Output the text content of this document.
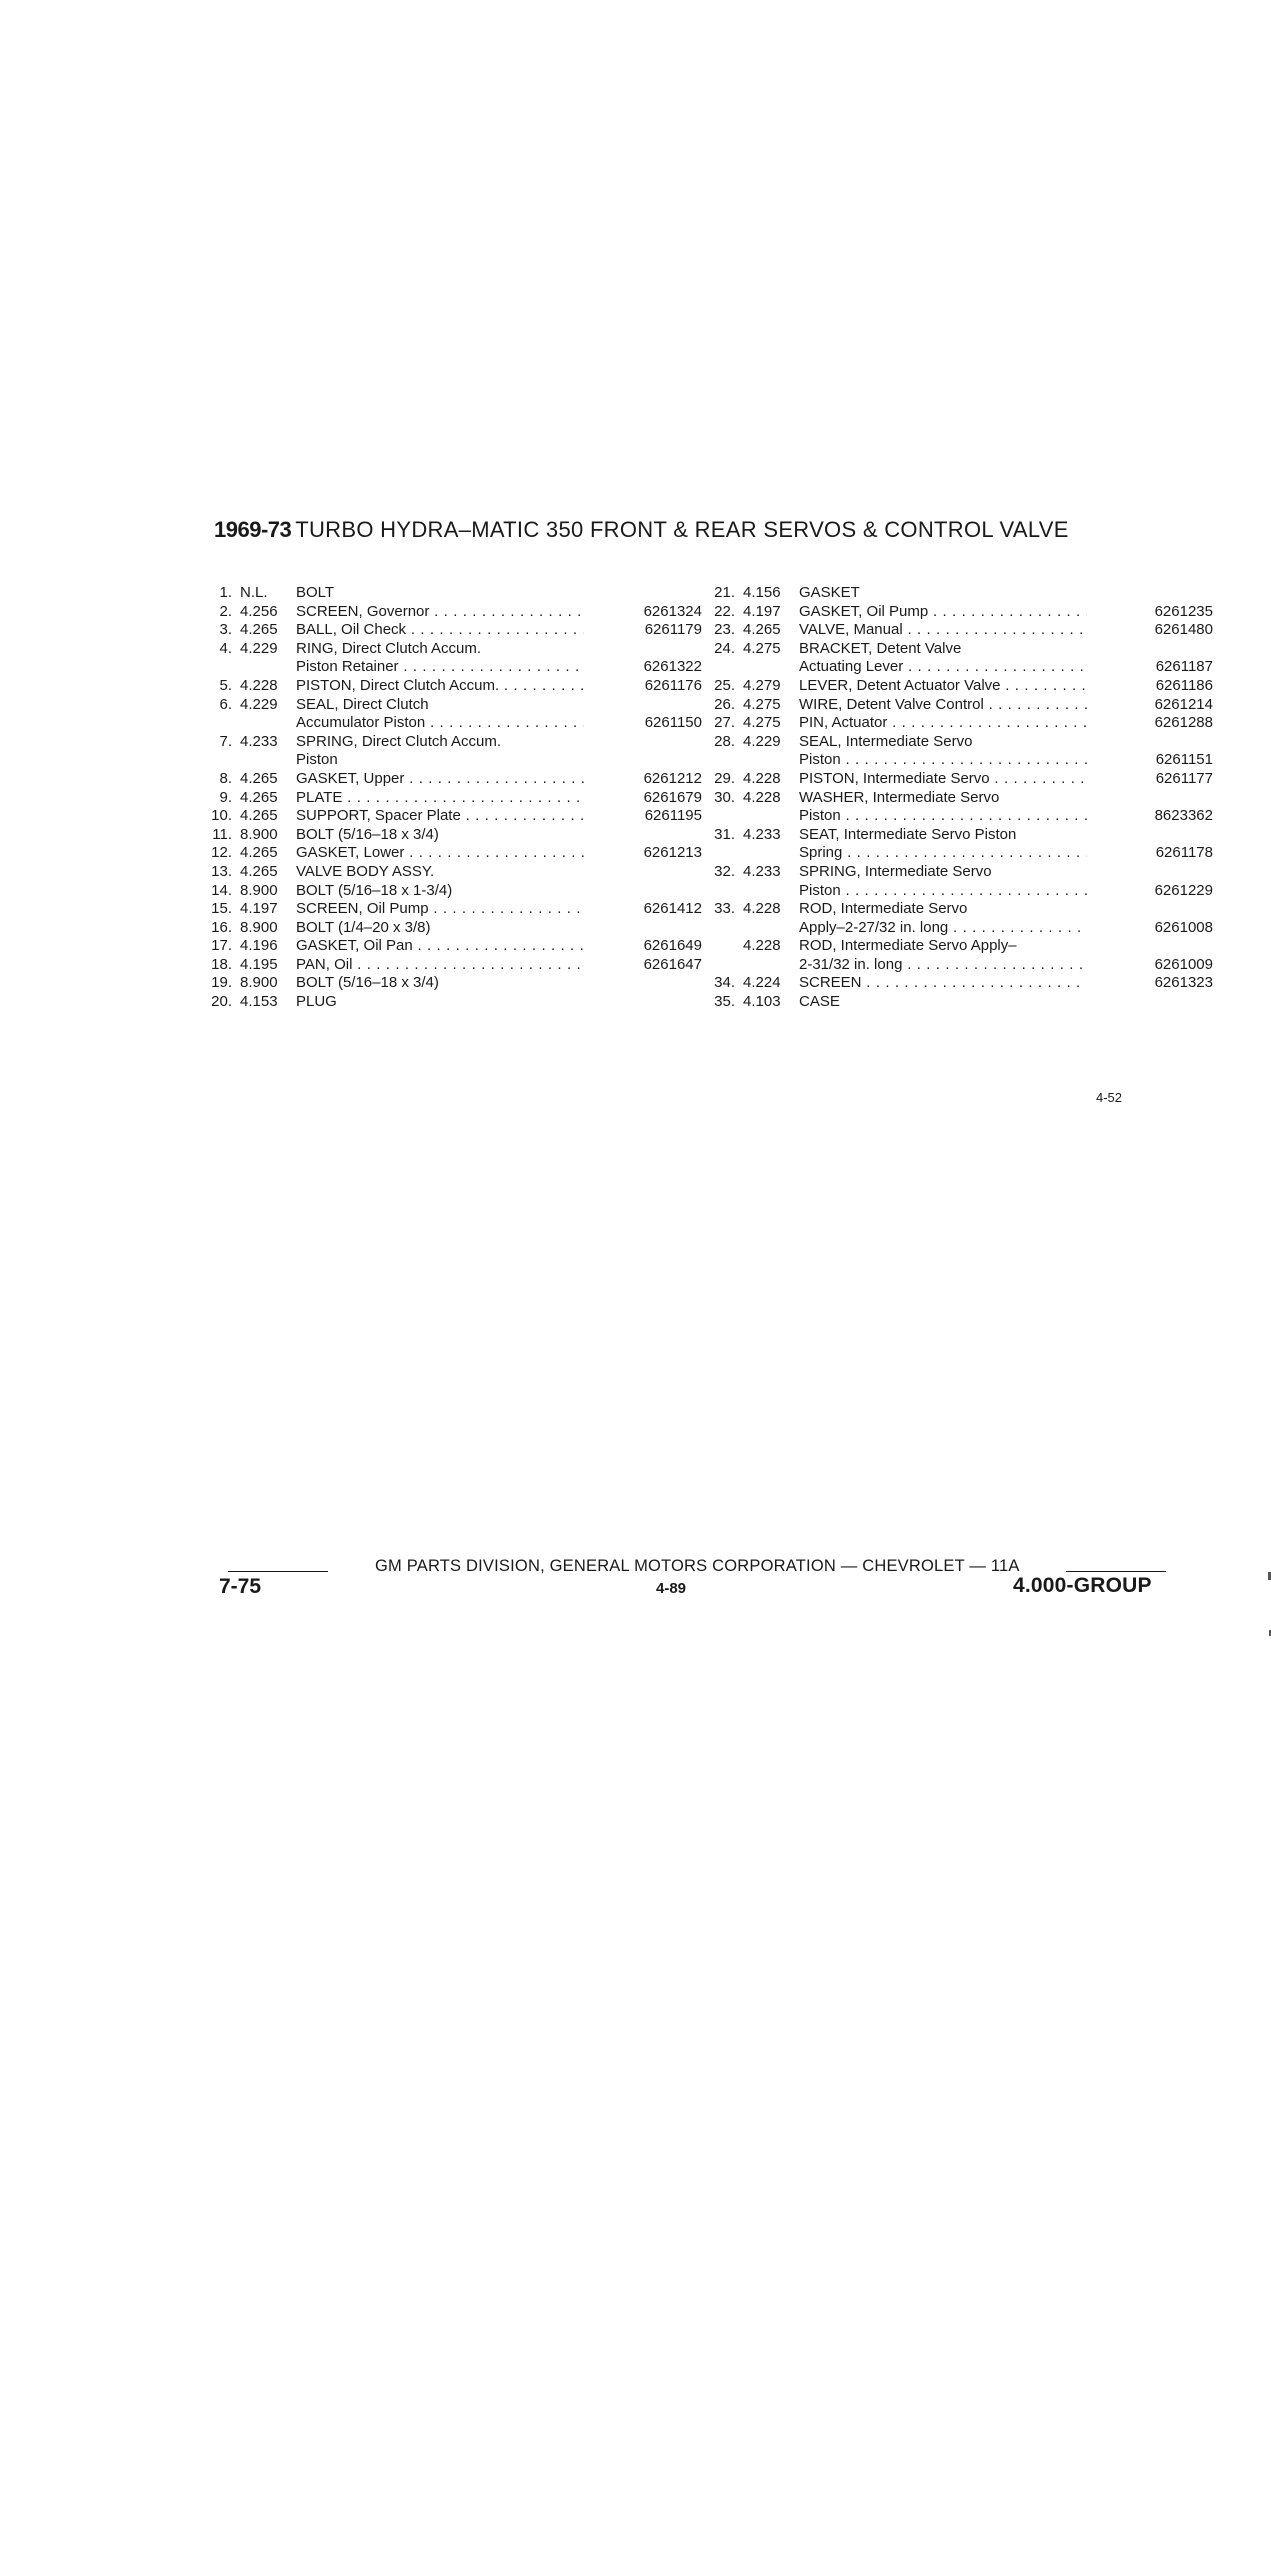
1969-73 TURBO HYDRA–MATIC 350 FRONT & REAR SERVOS & CONTROL VALVE
1. N.L.	BOLT
2. 4.256	SCREEN, Governor . . .	6261324
3. 4.265	BALL, Oil Check . . .	6261179
4. 4.229	RING, Direct Clutch Accum.
Piston Retainer . . .	6261322
5. 4.228	PISTON, Direct Clutch Accum. . . .	6261176
6. 4.229	SEAL, Direct Clutch
Accumulator Piston . . .	6261150
7. 4.233	SPRING, Direct Clutch Accum.
Piston
8. 4.265	GASKET, Upper . . .	6261212
9. 4.265	PLATE . . .	6261679
10. 4.265	SUPPORT, Spacer Plate . . .	6261195
11. 8.900	BOLT (5/16–18 x 3/4)
12. 4.265	GASKET, Lower . . .	6261213
13. 4.265	VALVE BODY ASSY.
14. 8.900	BOLT (5/16–18 x 1-3/4)
15. 4.197	SCREEN, Oil Pump . . .	6261412
16. 8.900	BOLT (1/4–20 x 3/8)
17. 4.196	GASKET, Oil Pan . . .	6261649
18. 4.195	PAN, Oil . . .	6261647
19. 8.900	BOLT (5/16–18 x 3/4)
20. 4.153	PLUG
21. 4.156	GASKET
22. 4.197	GASKET, Oil Pump . . .	6261235
23. 4.265	VALVE, Manual . . .	6261480
24. 4.275	BRACKET, Detent Valve
Actuating Lever . . .	6261187
25. 4.279	LEVER, Detent Actuator Valve . . .	6261186
26. 4.275	WIRE, Detent Valve Control . . .	6261214
27. 4.275	PIN, Actuator . . .	6261288
28. 4.229	SEAL, Intermediate Servo
Piston . . .	6261151
29. 4.228	PISTON, Intermediate Servo . . .	6261177
30. 4.228	WASHER, Intermediate Servo
Piston . . .	8623362
31. 4.233	SEAT, Intermediate Servo Piston
Spring . . .	6261178
32. 4.233	SPRING, Intermediate Servo
Piston . . .	6261229
33. 4.228	ROD, Intermediate Servo
Apply–2-27/32 in. long . . .	6261008
4.228	ROD, Intermediate Servo Apply–
2-31/32 in. long . . .	6261009
34. 4.224	SCREEN . . .	6261323
35. 4.103	CASE
4-52
GM PARTS DIVISION, GENERAL MOTORS CORPORATION — CHEVROLET — 11A
7-75	4-89	4.000-GROUP
